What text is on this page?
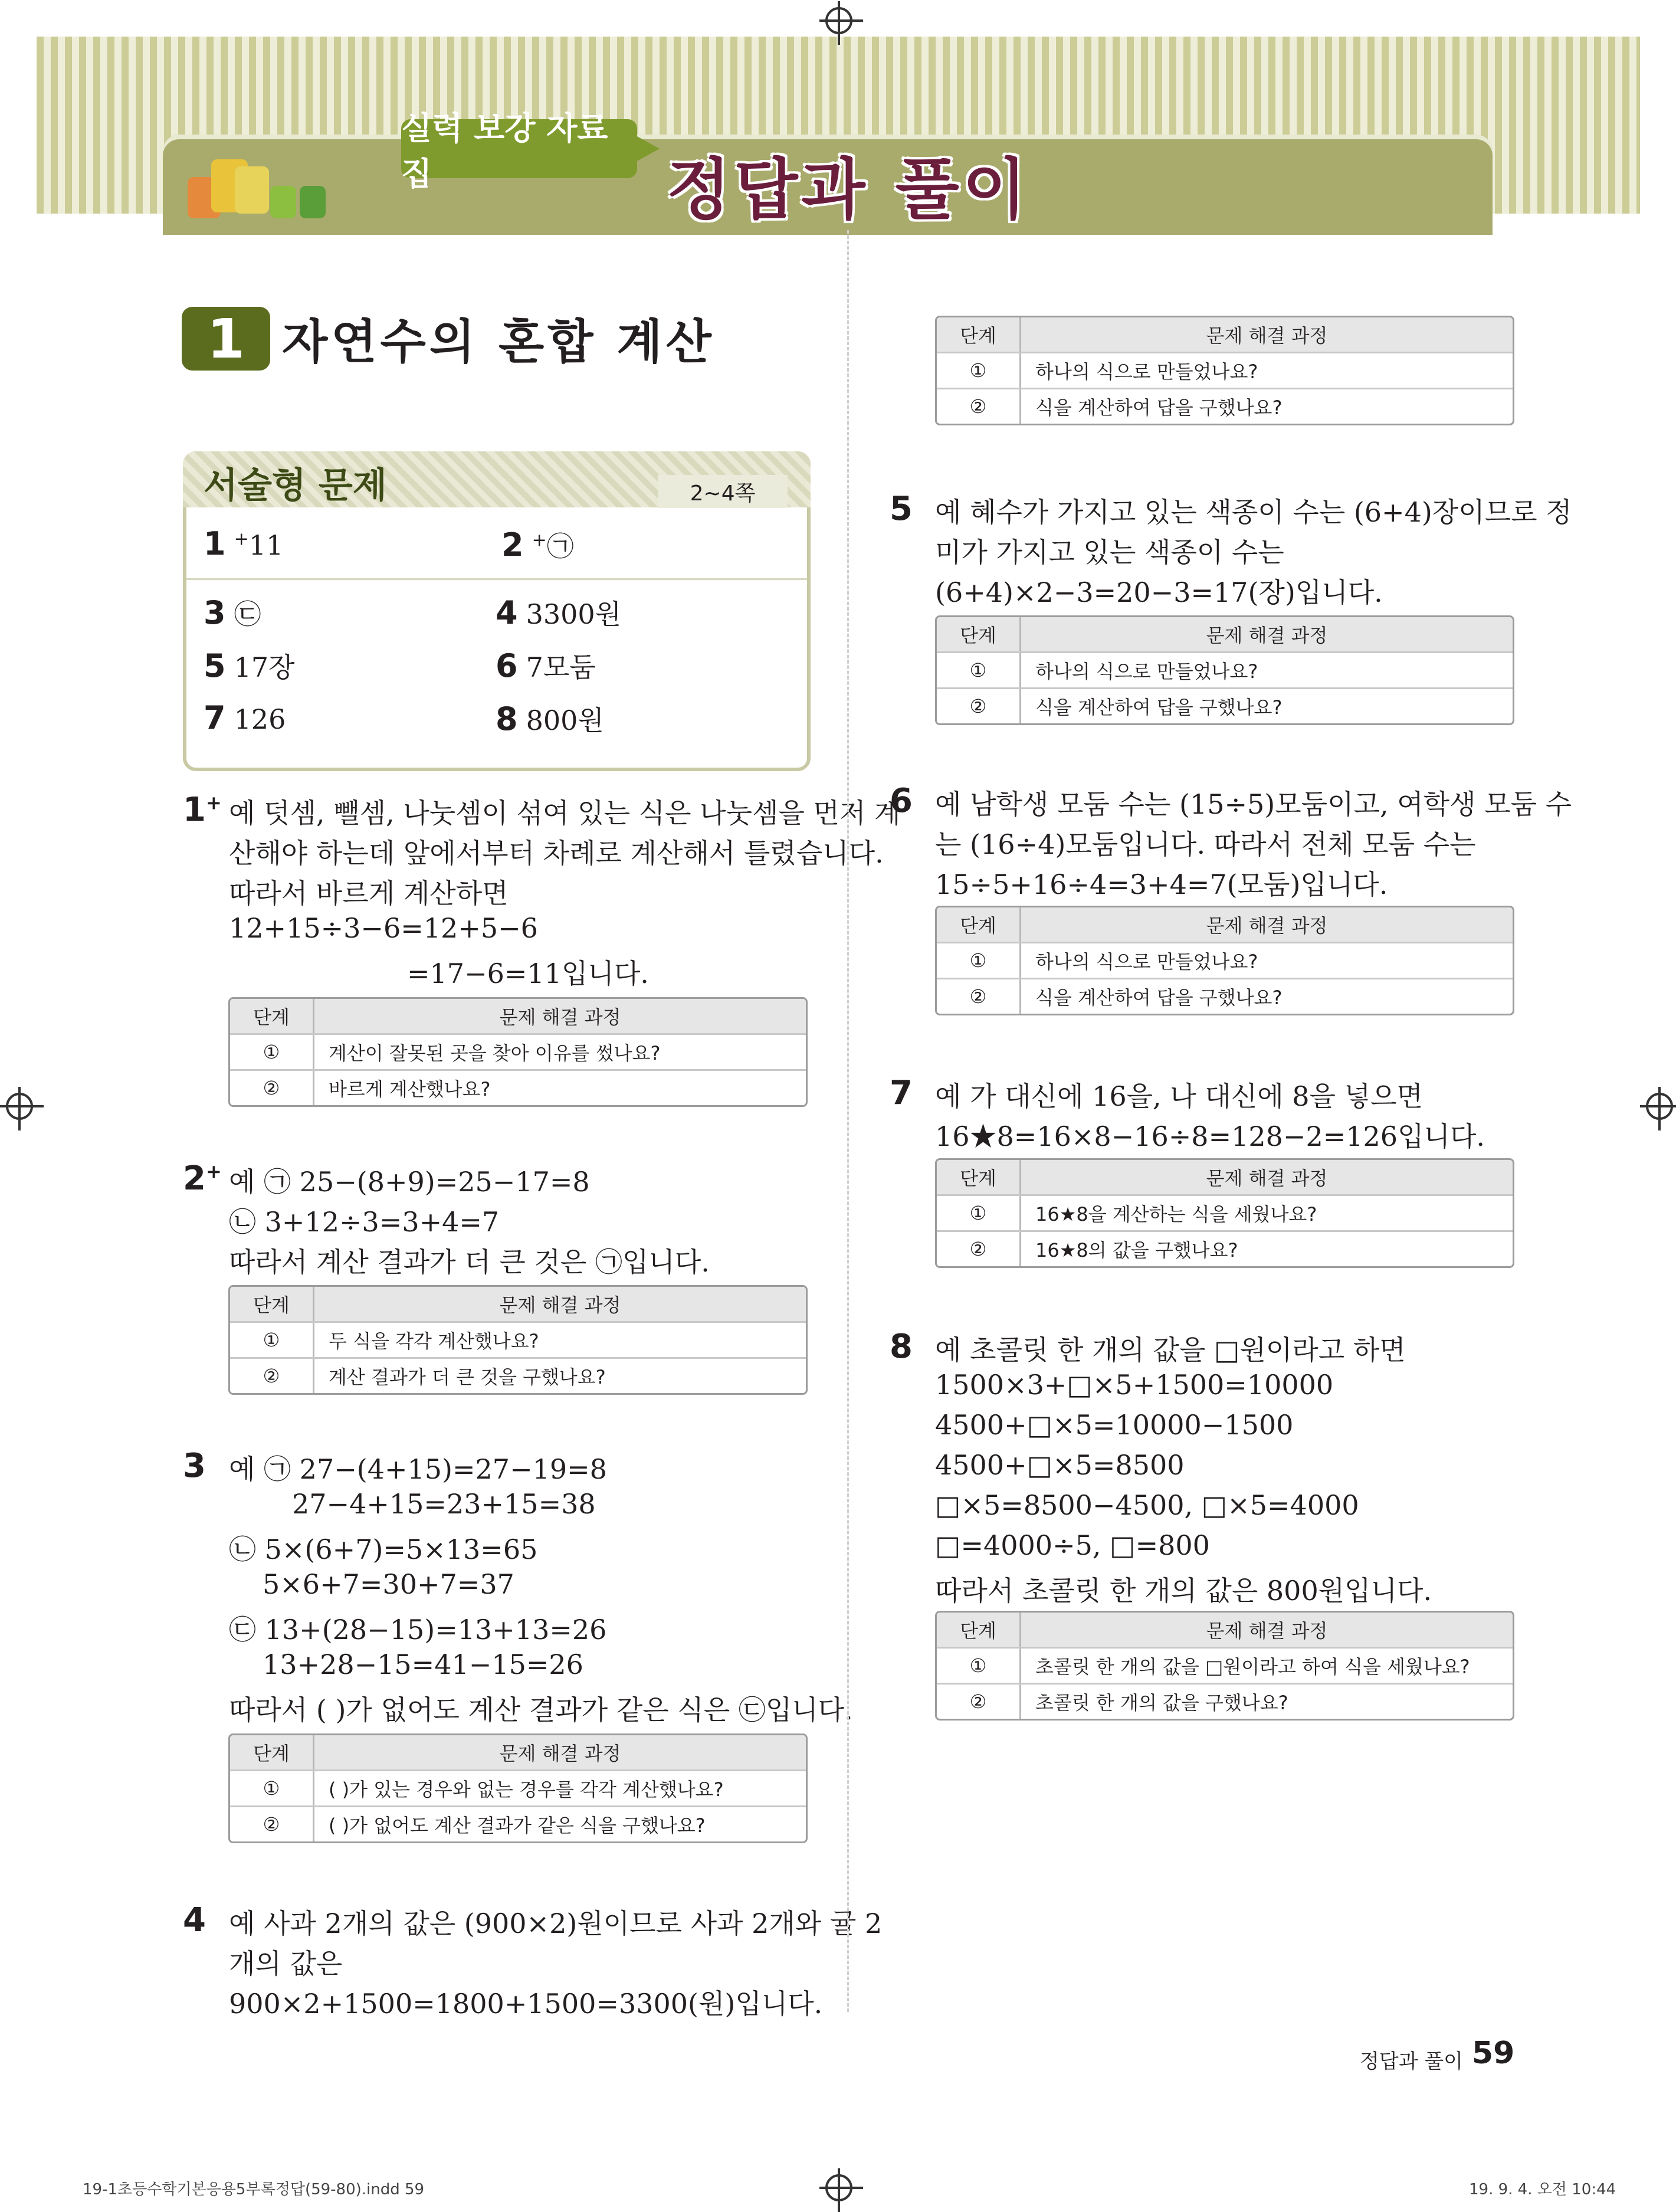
실력 보강 자료집	정답과 풀이
1 자연수의 혼합 계산
서술형 문제	2~4쪽
1 +11	2 +㉠
3 ㉢	4 3300원
5 17장	6 7모둠
7 126	8 800원
1+ 예 덧셈, 뺄셈, 나눗셈이 섞여 있는 식은 나눗셈을 먼저 계
산해야 하는데 앞에서부터 차례로 계산해서 틀렸습니다.
따라서 바르게 계산하면
12+15÷3−6=12+5−6
=17−6=11입니다.
단계	문제 해결 과정
①	계산이 잘못된 곳을 찾아 이유를 썼나요?
②	바르게 계산했나요?
2+ 예 ㉠ 25−(8+9)=25−17=8
㉡ 3+12÷3=3+4=7
따라서 계산 결과가 더 큰 것은 ㉠입니다.
단계	문제 해결 과정
①	두 식을 각각 계산했나요?
②	계산 결과가 더 큰 것을 구했나요?
3 예 ㉠ 27−(4+15)=27−19=8
27−4+15=23+15=38
㉡ 5×(6+7)=5×13=65
5×6+7=30+7=37
㉢ 13+(28−15)=13+13=26
13+28−15=41−15=26
따라서 ( )가 없어도 계산 결과가 같은 식은 ㉢입니다.
단계	문제 해결 과정
①	( )가 있는 경우와 없는 경우를 각각 계산했나요?
②	( )가 없어도 계산 결과가 같은 식을 구했나요?
4 예 사과 2개의 값은 (900×2)원이므로 사과 2개와 귤 2
개의 값은
900×2+1500=1800+1500=3300(원)입니다.
단계	문제 해결 과정
①	하나의 식으로 만들었나요?
②	식을 계산하여 답을 구했나요?
5 예 혜수가 가지고 있는 색종이 수는 (6+4)장이므로 정
미가 가지고 있는 색종이 수는
(6+4)×2−3=20−3=17(장)입니다.
단계	문제 해결 과정
①	하나의 식으로 만들었나요?
②	식을 계산하여 답을 구했나요?
6 예 남학생 모둠 수는 (15÷5)모둠이고, 여학생 모둠 수
는 (16÷4)모둠입니다. 따라서 전체 모둠 수는
15÷5+16÷4=3+4=7(모둠)입니다.
단계	문제 해결 과정
①	하나의 식으로 만들었나요?
②	식을 계산하여 답을 구했나요?
7 예 가 대신에 16을, 나 대신에 8을 넣으면
16★8=16×8−16÷8=128−2=126입니다.
단계	문제 해결 과정
①	16★8을 계산하는 식을 세웠나요?
②	16★8의 값을 구했나요?
8 예 초콜릿 한 개의 값을 □원이라고 하면
1500×3+□×5+1500=10000
4500+□×5=10000−1500
4500+□×5=8500
□×5=8500−4500, □×5=4000
□=4000÷5, □=800
따라서 초콜릿 한 개의 값은 800원입니다.
단계	문제 해결 과정
①	초콜릿 한 개의 값을 □원이라고 하여 식을 세웠나요?
②	초콜릿 한 개의 값을 구했나요?
정답과 풀이 59
19-1초등수학기본응용5부록정답(59-80).indd 59	19. 9. 4. 오전 10:44
